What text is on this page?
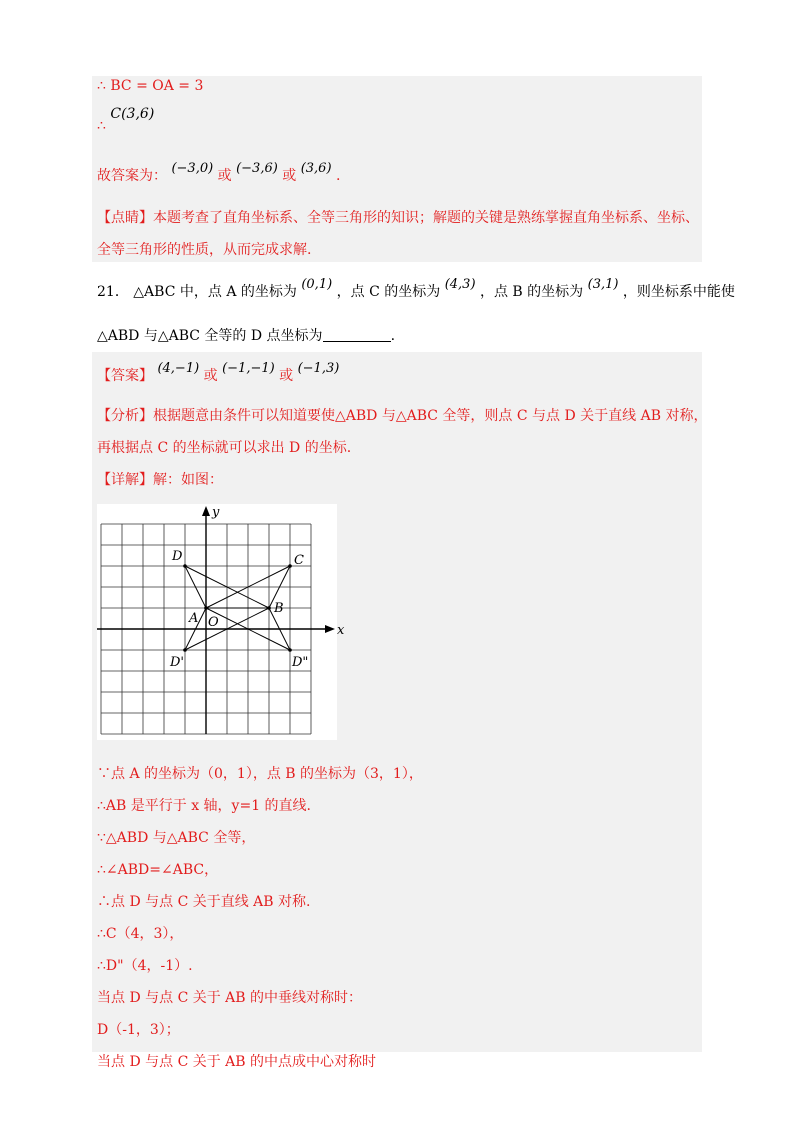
∴ BC = OA = 3
∴ C(3,6)
故答案为： (−3,0) 或 (−3,6) 或 (3,6) .
【点睛】本题考查了直角坐标系、全等三角形的知识；解题的关键是熟练掌握直角坐标系、坐标、
全等三角形的性质，从而完成求解.
21． △ABC 中，点 A 的坐标为 (0,1) ，点 C 的坐标为 (4,3) ，点 B 的坐标为 (3,1) ，则坐标系中能使
△ABD 与△ABC 全等的 D 点坐标为	.
【答案】 (4,−1) 或 (−1,−1) 或 (−1,3)
【分析】根据题意由条件可以知道要使△ABD 与△ABC 全等，则点 C 与点 D 关于直线 AB 对称，
再根据点 C 的坐标就可以求出 D 的坐标.
【详解】解：如图：
x
y
O
A
B
C
D
D'	D"
∵点 A 的坐标为（0，1），点 B 的坐标为（3，1），
∴AB 是平行于 x 轴，y=1 的直线.
∵△ABD 与△ABC 全等，
∴∠ABD=∠ABC，
∴点 D 与点 C 关于直线 AB 对称.
∴C（4，3），
∴D"（4，-1）.
当点 D 与点 C 关于 AB 的中垂线对称时：
D（-1，3）；
当点 D 与点 C 关于 AB 的中点成中心对称时
